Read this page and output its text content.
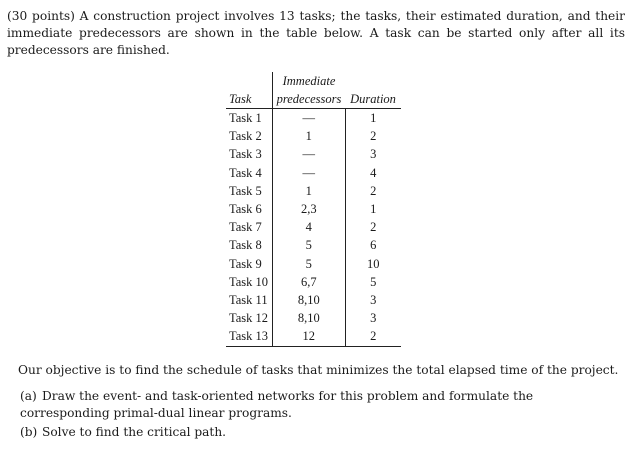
(30 points) A construction project involves 13 tasks; the tasks, their estimated duration, and their immediate predecessors are shown in the table below. A task can be started only after all its predecessors are finished.
	Immediate	
Task	predecessors	Duration
Task 1	—	1
Task 2	1	2
Task 3	—	3
Task 4	—	4
Task 5	1	2
Task 6	2,3	1
Task 7	4	2
Task 8	5	6
Task 9	5	10
Task 10	6,7	5
Task 11	8,10	3
Task 12	8,10	3
Task 13	12	2
Our objective is to find the schedule of tasks that minimizes the total elapsed time of the project.
(a) Draw the event- and task-oriented networks for this problem and formulate the corresponding primal-dual linear programs.
(b) Solve to find the critical path.
